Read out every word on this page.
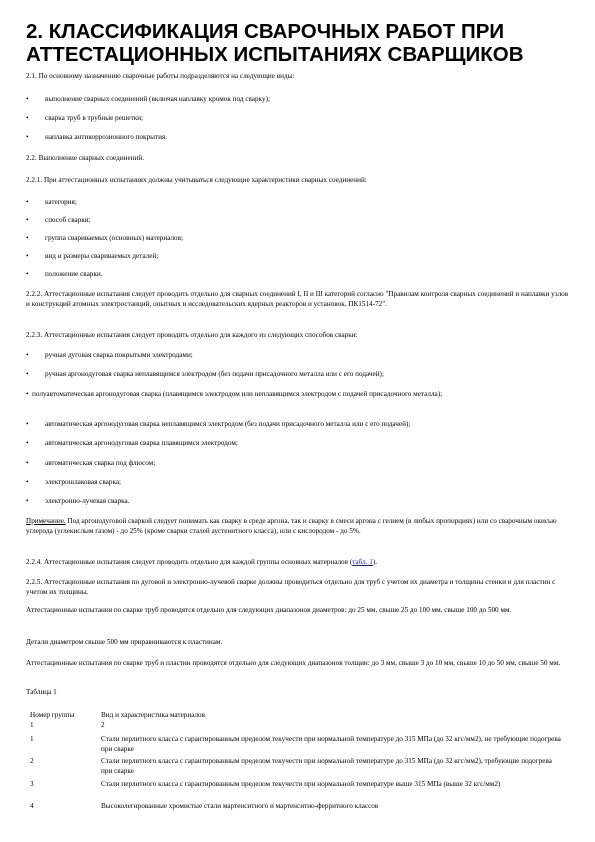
2. КЛАССИФИКАЦИЯ СВАРОЧНЫХ РАБОТ ПРИ АТТЕСТАЦИОННЫХ ИСПЫТАНИЯХ СВАРЩИКОВ

2.1. По основному назначению сварочные работы подразделяются на следующие виды:

•	выполнение сварных соединений (включая наплавку кромок под сварку);
•	сварка труб в трубные решетки;
•	наплавка антикоррозионного покрытия.

2.2. Выполнение сварных соединений.

2.2.1. При аттестационных испытаниях должны учитываться следующие характеристики сварных соединений:

•	категория;
•	способ сварки;
•	группа свариваемых (основных) материалов;
•	вид и размеры свариваемых деталей;
•	положение сварки.

2.2.2. Аттестационные испытания следует проводить отдельно для сварных соединений I, II и III категорий согласно "Правилам контроля сварных соединений и наплавки узлов и конструкций атомных электростанций, опытных и исследовательских ядерных реакторов и установок. ПК1514-72".

2.2.3. Аттестационные испытания следует проводить отдельно для каждого из следующих способов сварки:

•	ручная дуговая сварка покрытыми электродами;
•	ручная аргонодуговая сварка неплавящимся электродом (без подачи присадочного металла или с его подачей);
• полуавтоматическая аргонодуговая сварка (плавящимся электродом или неплавящимся электродом с подачей присадочного металла);
•	автоматическая аргонодуговая сварка неплавящимся электродом (без подачи присадочного металла или с его подачей);
•	автоматическая аргонодуговая сварка плавящимся электродом;
•	автоматическая сварка под флюсом;
•	электрошлаковая сварка;
•	электронно-лучевая сварка.

Примечание. Под аргонодуговой сваркой следует понимать как сварку в среде аргона, так и сварку в смеси аргона с гелием (в любых пропорциях) или со сварочным окисью углерода (углекислым газом) - до 25% (кроме сварки сталей аустенитного класса), или с кислородом - до 5%.

2.2.4. Аттестационные испытания следует проводить отдельно для каждой группы основных материалов (табл. 1).

2.2.5. Аттестационные испытания по дуговой и электронно-лучевой сварке должны проводиться отдельно для труб с учетом их диаметра и толщины стенки и для пластин с учетом их толщины.

Аттестационные испытания по сварке труб проводятся отдельно для следующих диапазонов диаметров: до 25 мм, свыше 25 до 100 мм, свыше 100 до 500 мм.

Детали диаметром свыше 500 мм приравниваются к пластинам.

Аттестационные испытания по сварке труб и пластин проводятся отдельно для следующих диапазонов толщин: до 3 мм, свыше 3 до 10 мм, свыше 10 до 50 мм, свыше 50 мм.

Таблица 1

Номер группы	Вид и характеристика материалов
1	2
1	Стали перлитного класса с гарантированным пределом текучести при нормальной температуре до 315 МПа (до 32 кгс/мм2), не требующие подогрева при сварке
2	Стали перлитного класса с гарантированным пределом текучести при нормальной температуре до 315 МПа (до 32 кгс/мм2), требующие подогрева при сварке
3	Стали перлитного класса с гарантированным пределом текучести при нормальной температуре выше 315 МПа (выше 32 кгс/мм2)
4	Высоколегированные хромистые стали мартенситного и мартенситно-ферритного классов
